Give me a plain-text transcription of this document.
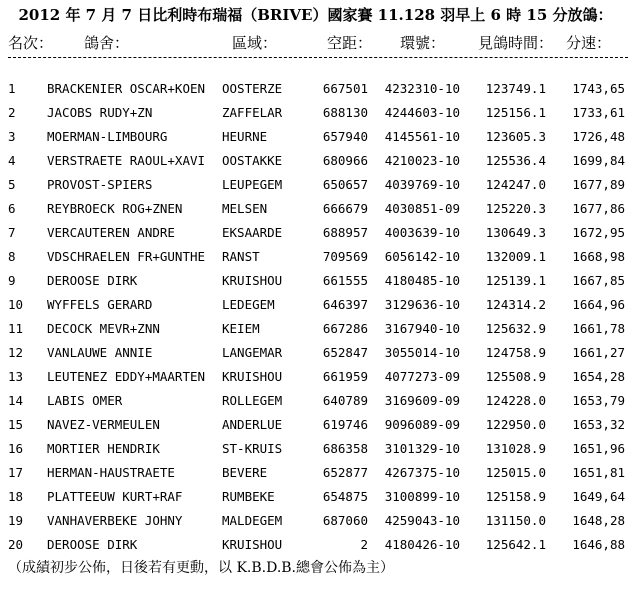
2012 年 7 月 7 日比利時布瑞福（BRIVE）國家賽 11.128 羽早上 6 時 15 分放鴿：
名次： 鴿舍：	區域：	空距： 環號： 見鴿時間： 分速：
1	BRACKENIER OSCAR+KOEN OOSTERZE	667501 4232310-10 123749.1 1743,65
2	JACOBS RUDY+ZN	ZAFFELAR	688130 4244603-10 125156.1 1733,61
3	MOERMAN-LIMBOURG	HEURNE	657940 4145561-10 123605.3 1726,48
4	VERSTRAETE RAOUL+XAVI OOSTAKKE	680966 4210023-10 125536.4 1699,84
5	PROVOST-SPIERS	LEUPEGEM	650657 4039769-10 124247.0 1677,89
6	REYBROECK ROG+ZNEN	MELSEN	666679 4030851-09 125220.3 1677,86
7	VERCAUTEREN ANDRE	EKSAARDE	688957 4003639-10 130649.3 1672,95
8	VDSCHRAELEN FR+GUNTHE RANST	709569 6056142-10 132009.1 1668,98
9	DEROOSE DIRK	KRUISHOU	661555 4180485-10 125139.1 1667,85
10 WYFFELS GERARD	LEDEGEM	646397 3129636-10 124314.2 1664,96
11 DECOCK MEVR+ZNN	KEIEM	667286 3167940-10 125632.9 1661,78
12 VANLAUWE ANNIE	LANGEMAR	652847 3055014-10 124758.9 1661,27
13 LEUTENEZ EDDY+MAARTEN KRUISHOU	661959 4077273-09 125508.9 1654,28
14 LABIS OMER	ROLLEGEM	640789 3169609-09 124228.0 1653,79
15 NAVEZ-VERMEULEN	ANDERLUE	619746 9096089-09 122950.0 1653,32
16 MORTIER HENDRIK	ST-KRUIS	686358 3101329-10 131028.9 1651,96
17 HERMAN-HAUSTRAETE	BEVERE	652877 4267375-10 125015.0 1651,81
18 PLATTEEUW KURT+RAF	RUMBEKE	654875 3100899-10 125158.9 1649,64
19 VANHAVERBEKE JOHNY	MALDEGEM	687060 4259043-10 131150.0 1648,28
20 DEROOSE DIRK	KRUISHOU	2 4180426-10 125642.1 1646,88
（成績初步公佈，日後若有更動，以 K.B.D.B.總會公佈為主）
